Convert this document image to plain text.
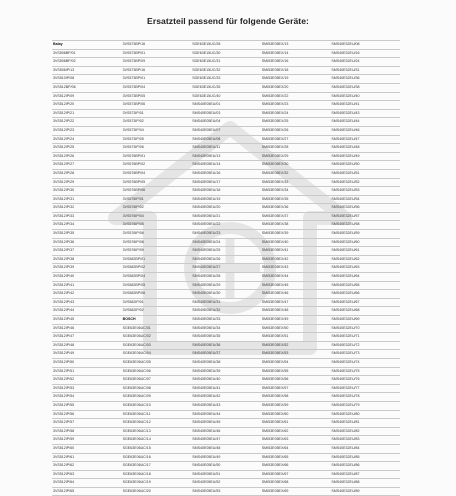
Ersatzteil passend für folgende Geräte:
Balay	3VS573BP/16	SGE63E15UC/28	SMI53E05EX/13	SMS40E32EU/08
3VS506BP/01	3VS573BP/01	SGE63E15UC/30	SMI53E05EX/14	SMS40E32EU/16
3VS506BP/02	3VS573BP/09	SGE63E15UC/31	SMI53E05EX/16	SMS40E32EU/24
3VS506IP/13	3VS573BP/16	SGE63E15UC/32	SMI53E05EX/18	SMS40E32EU/31
3VS510IP/08	3VS573BP/01	SGE63E15UC/33	SMI53E05EX/19	SMS40E32EU/36
3VS512BP/06	3VS573BP/04	SGE63E15UC/35	SMI53E05EX/20	SMS40E32EU/38
3VS512IP/09	3VS573BP/05	SGE63E15UC/40	SMI53E05EX/22	SMS40E32EU/40
3VS512IP/20	3VS573BP/06	SMS40E05EU/01	SMI53E05EX/23	SMS40E32EU/41
3VS512IP/21	3VS573IP/01	SMS40E05EU/03	SMI53E05EX/24	SMS40E32EU/43
3VS512IP/22	3VS573IP/02	SMS40E05EU/04	SMI53E05EX/25	SMS40E32EU/44
3VS512IP/23	3VS573IP/04	SMS40E05EU/07	SMI53E05EX/26	SMS40E32EU/46
3VS512IP/24	3VS573IP/05	SMS40E05EU/08	SMI53E05EX/27	SMS40E32EU/47
3VS512IP/25	3VS573IP/06	SMS40E05EU/11	SMI53E05EX/28	SMS40E32EU/48
3VS512IP/26	3VS576BP/01	SMS40E05EU/13	SMI53E05EX/29	SMS40E32EU/49
3VS512IP/27	3VS576BP/02	SMS40E05EU/14	SMI53E05EX/30	SMS40E32EU/50
3VS512IP/28	3VS576BP/04	SMS40E05EU/16	SMI53E05EX/32	SMS40E32EU/51
3VS512IP/29	3VS576BP/05	SMS40E05EU/17	SMI53E05EX/33	SMS40E32EU/52
3VS512IP/30	3VS576BP/06	SMS40E05EU/18	SMI53E05EX/34	SMS40E32EU/53
3VS512IP/31	3VS576IP/01	SMS40E05EU/19	SMI53E05EX/35	SMS40E32EU/54
3VS512IP/32	3VS576IP/02	SMS40E05EU/20	SMI53E05EX/36	SMS40E32EU/56
3VS512IP/33	3VS576IP/04	SMS40E05EU/21	SMI53E05EX/37	SMS40E32EU/57
3VS512IP/34	3VS576IP/05	SMS40E05EU/22	SMI53E05EX/38	SMS40E32EU/58
3VS512IP/35	3VS576IP/06	SMS40E05EU/23	SMI53E05EX/39	SMS40E32EU/59
3VS512IP/36	3VS576IP/08	SMS40E05EU/24	SMI53E05EX/40	SMS40E32EU/60
3VS512IP/37	3VS576IP/09	SMS40E05EU/25	SMI53E05EX/41	SMS40E32EU/61
3VS512IP/38	3VS582BP/01	SMS40E05EU/26	SMI53E05EX/42	SMS40E32EU/62
3VS512IP/39	3VS582BP/02	SMS40E05EU/27	SMI53E05EX/43	SMS40E32EU/63
3VS512IP/40	3VS582BP/04	SMS40E05EU/28	SMI53E05EX/44	SMS40E32EU/64
3VS512IP/41	3VS582BP/05	SMS40E05EU/29	SMI53E05EX/45	SMS40E32EU/65
3VS512IP/42	3VS582BP/06	SMS40E05EU/30	SMI53E05EX/46	SMS40E32EU/66
3VS512IP/43	3VS582IP/01	SMS40E05EU/31	SMI53E05EX/47	SMS40E32EU/67
3VS512IP/44	3VS582IP/02	SMS40E05EU/32	SMI53E05EX/48	SMS40E32EU/68
3VS512IP/45	BOSCH	SMS40E05EU/33	SMI53E05EX/49	SMS40E32EU/69
3VS512IP/46	SGE63E06UC/01	SMS40E05EU/34	SMI53E05EX/50	SMS40E32EU/70
3VS512IP/47	SGE63E06UC/02	SMS40E05EU/35	SMI53E05EX/51	SMS40E32EU/71
3VS512IP/48	SGE63E06UC/03	SMS40E05EU/36	SMI53E05EX/52	SMS40E32EU/72
3VS512IP/49	SGE63E06UC/04	SMS40E05EU/37	SMI53E05EX/53	SMS40E32EU/73
3VS512IP/50	SGE63E06UC/05	SMS40E05EU/38	SMI53E05EX/54	SMS40E32EU/74
3VS512IP/51	SGE63E06UC/06	SMS40E05EU/39	SMI53E05EX/55	SMS40E32EU/75
3VS512IP/52	SGE63E06UC/07	SMS40E05EU/40	SMI53E05EX/56	SMS40E32EU/76
3VS512IP/53	SGE63E06UC/08	SMS40E05EU/41	SMI53E05EX/57	SMS40E32EU/77
3VS512IP/54	SGE63E06UC/09	SMS40E05EU/42	SMI53E05EX/58	SMS40E32EU/78
3VS512IP/55	SGE63E06UC/10	SMS40E05EU/43	SMI53E05EX/59	SMS40E32EU/79
3VS512IP/56	SGE63E06UC/11	SMS40E05EU/44	SMI53E05EX/60	SMS40E32EU/80
3VS512IP/57	SGE63E06UC/12	SMS40E05EU/45	SMI53E05EX/61	SMS40E32EU/81
3VS512IP/58	SGE63E06UC/13	SMS40E05EU/46	SMI53E05EX/62	SMS40E32EU/82
3VS512IP/59	SGE63E06UC/14	SMS40E05EU/47	SMI53E05EX/63	SMS40E32EU/83
3VS512IP/60	SGE63E06UC/15	SMS40E05EU/48	SMI53E05EX/64	SMS40E32EU/84
3VS512IP/61	SGE63E06UC/16	SMS40E05EU/49	SMI53E05EX/65	SMS40E32EU/85
3VS512IP/62	SGE63E06UC/17	SMS40E05EU/50	SMI53E05EX/66	SMS40E32EU/86
3VS512IP/63	SGE63E06UC/18	SMS40E05EU/51	SMI53E05EX/67	SMS40E32EU/87
3VS512IP/64	SGE63E06UC/19	SMS40E05EU/52	SMI53E05EX/68	SMS40E32EU/88
3VS512IP/65	SGE63E06UC/20	SMS40E05EU/53	SMI53E05EX/69	SMS40E32EU/89
